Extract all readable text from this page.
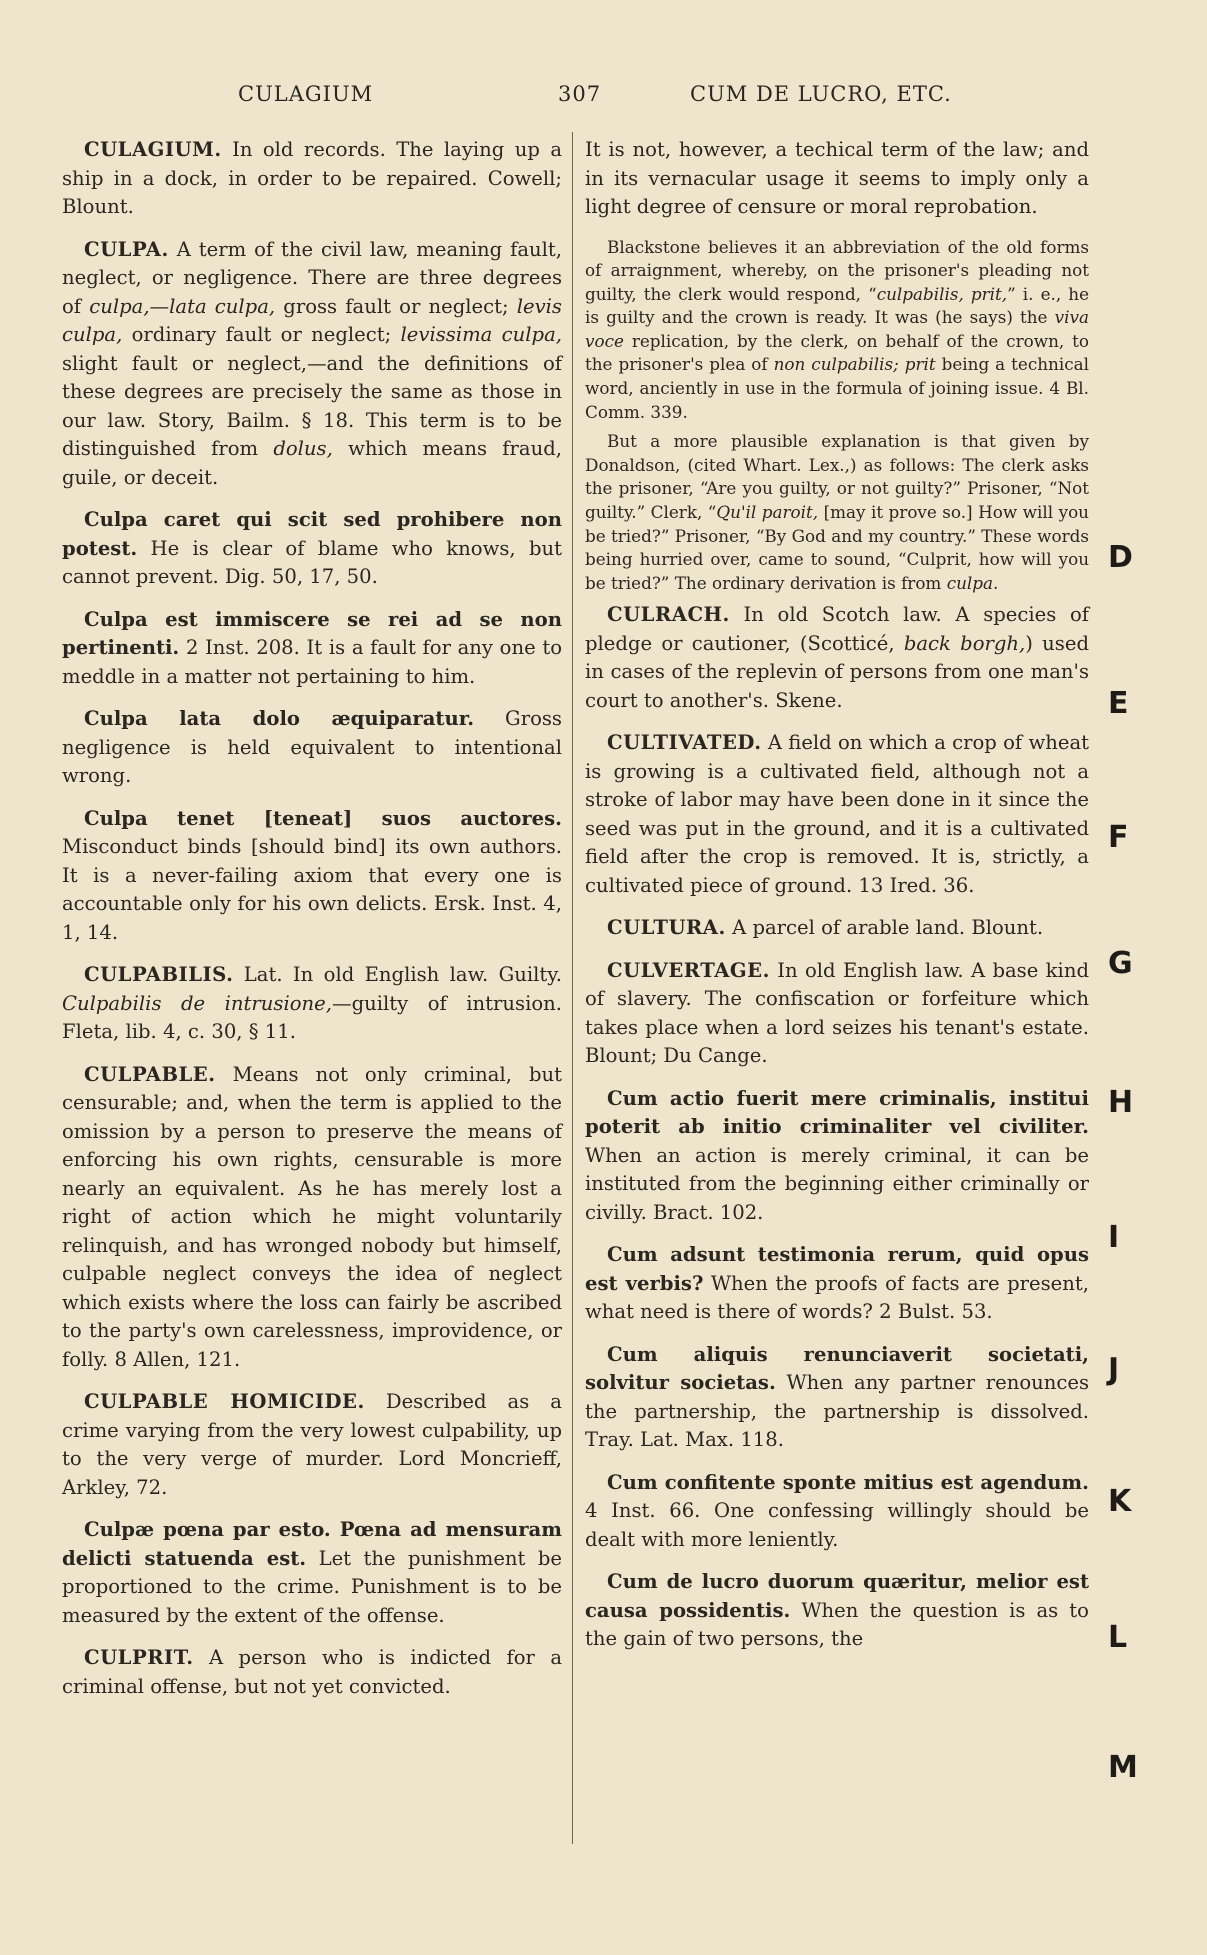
CULAGIUM	307	CUM DE LUCRO, ETC.

CULAGIUM. In old records. The laying up a ship in a dock, in order to be repaired. Cowell; Blount.

CULPA. A term of the civil law, meaning fault, neglect, or negligence. There are three degrees of culpa,—lata culpa, gross fault or neglect; levis culpa, ordinary fault or neglect; levissima culpa, slight fault or neglect,—and the definitions of these degrees are precisely the same as those in our law. Story, Bailm. § 18. This term is to be distinguished from dolus, which means fraud, guile, or deceit.

Culpa caret qui scit sed prohibere non potest. He is clear of blame who knows, but cannot prevent. Dig. 50, 17, 50.

Culpa est immiscere se rei ad se non pertinenti. 2 Inst. 208. It is a fault for any one to meddle in a matter not pertaining to him.

Culpa lata dolo æquiparatur. Gross negligence is held equivalent to intentional wrong.

Culpa tenet [teneat] suos auctores. Misconduct binds [should bind] its own authors. It is a never-failing axiom that every one is accountable only for his own delicts. Ersk. Inst. 4, 1, 14.

CULPABILIS. Lat. In old English law. Guilty. Culpabilis de intrusione,—guilty of intrusion. Fleta, lib. 4, c. 30, § 11.

CULPABLE. Means not only criminal, but censurable; and, when the term is applied to the omission by a person to preserve the means of enforcing his own rights, censurable is more nearly an equivalent. As he has merely lost a right of action which he might voluntarily relinquish, and has wronged nobody but himself, culpable neglect conveys the idea of neglect which exists where the loss can fairly be ascribed to the party's own carelessness, improvidence, or folly. 8 Allen, 121.

CULPABLE HOMICIDE. Described as a crime varying from the very lowest culpability, up to the very verge of murder. Lord Moncrieff, Arkley, 72.

Culpæ pœna par esto. Pœna ad mensuram delicti statuenda est. Let the punishment be proportioned to the crime. Punishment is to be measured by the extent of the offense.

CULPRIT. A person who is indicted for a criminal offense, but not yet convicted.

It is not, however, a techical term of the law; and in its vernacular usage it seems to imply only a light degree of censure or moral reprobation.

Blackstone believes it an abbreviation of the old forms of arraignment, whereby, on the prisoner's pleading not guilty, the clerk would respond, “culpabilis, prit,” i. e., he is guilty and the crown is ready. It was (he says) the viva voce replication, by the clerk, on behalf of the crown, to the prisoner's plea of non culpabilis; prit being a technical word, anciently in use in the formula of joining issue. 4 Bl. Comm. 339.

But a more plausible explanation is that given by Donaldson, (cited Whart. Lex.,) as follows: The clerk asks the prisoner, “Are you guilty, or not guilty?” Prisoner, “Not guilty.” Clerk, “Qu'il paroit, [may it prove so.] How will you be tried?” Prisoner, “By God and my country.” These words being hurried over, came to sound, “Culprit, how will you be tried?” The ordinary derivation is from culpa.

CULRACH. In old Scotch law. A species of pledge or cautioner, (Scotticé, back borgh,) used in cases of the replevin of persons from one man's court to another's. Skene.

CULTIVATED. A field on which a crop of wheat is growing is a cultivated field, although not a stroke of labor may have been done in it since the seed was put in the ground, and it is a cultivated field after the crop is removed. It is, strictly, a cultivated piece of ground. 13 Ired. 36.

CULTURA. A parcel of arable land. Blount.

CULVERTAGE. In old English law. A base kind of slavery. The confiscation or forfeiture which takes place when a lord seizes his tenant's estate. Blount; Du Cange.

Cum actio fuerit mere criminalis, institui poterit ab initio criminaliter vel civiliter. When an action is merely criminal, it can be instituted from the beginning either criminally or civilly. Bract. 102.

Cum adsunt testimonia rerum, quid opus est verbis? When the proofs of facts are present, what need is there of words? 2 Bulst. 53.

Cum aliquis renunciaverit societati, solvitur societas. When any partner renounces the partnership, the partnership is dissolved. Tray. Lat. Max. 118.

Cum confitente sponte mitius est agendum. 4 Inst. 66. One confessing willingly should be dealt with more leniently.

Cum de lucro duorum quæritur, melior est causa possidentis. When the question is as to the gain of two persons, the

D
E
F
G
H
I
J
K
L
M
